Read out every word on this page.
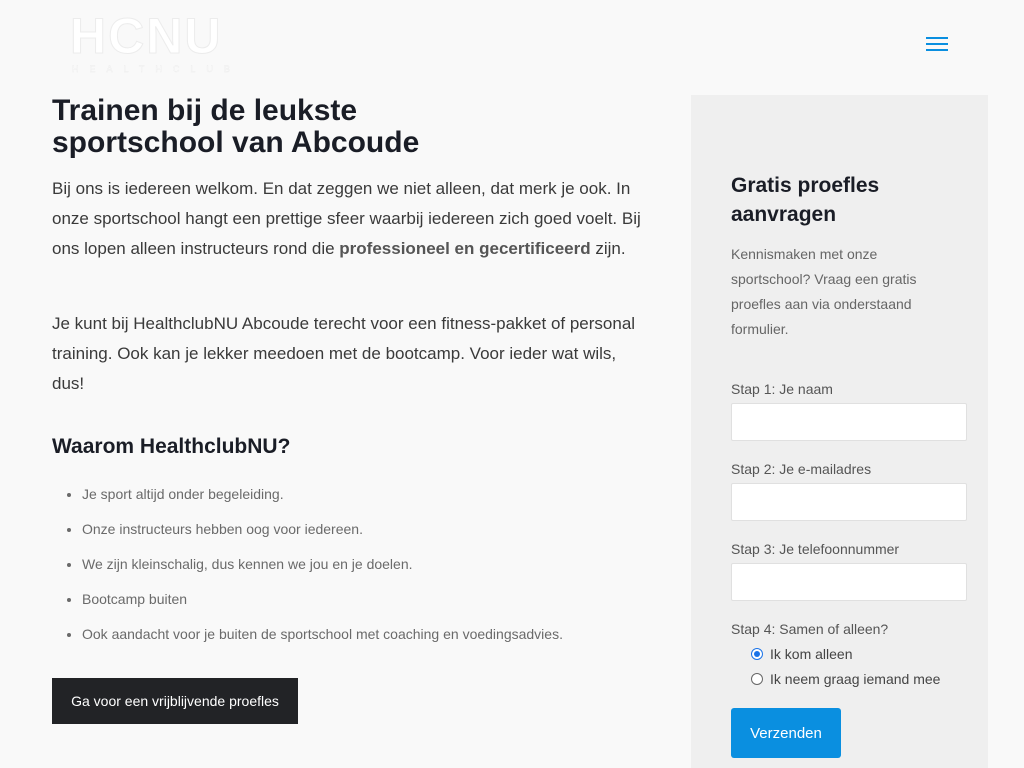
HCNU
HEALTHCLUB
Trainen bij de leukste sportschool van Abcoude

Bij ons is iedereen welkom. En dat zeggen we niet alleen, dat merk je ook. In onze sportschool hangt een prettige sfeer waarbij iedereen zich goed voelt. Bij ons lopen alleen instructeurs rond die professioneel en gecertificeerd zijn.

Je kunt bij HealthclubNU Abcoude terecht voor een fitness-pakket of personal training. Ook kan je lekker meedoen met de bootcamp. Voor ieder wat wils, dus!

Waarom HealthclubNU?
• Je sport altijd onder begeleiding.
• Onze instructeurs hebben oog voor iedereen.
• We zijn kleinschalig, dus kennen we jou en je doelen.
• Bootcamp buiten
• Ook aandacht voor je buiten de sportschool met coaching en voedingsadvies.
Ga voor een vrijblijvende proefles
Gratis proefles aanvragen

Kennismaken met onze sportschool? Vraag een gratis proefles aan via onderstaand formulier.

Stap 1: Je naam
Stap 2: Je e-mailadres
Stap 3: Je telefoonnummer
Stap 4: Samen of alleen?
Ik kom alleen
Ik neem graag iemand mee
Verzenden
